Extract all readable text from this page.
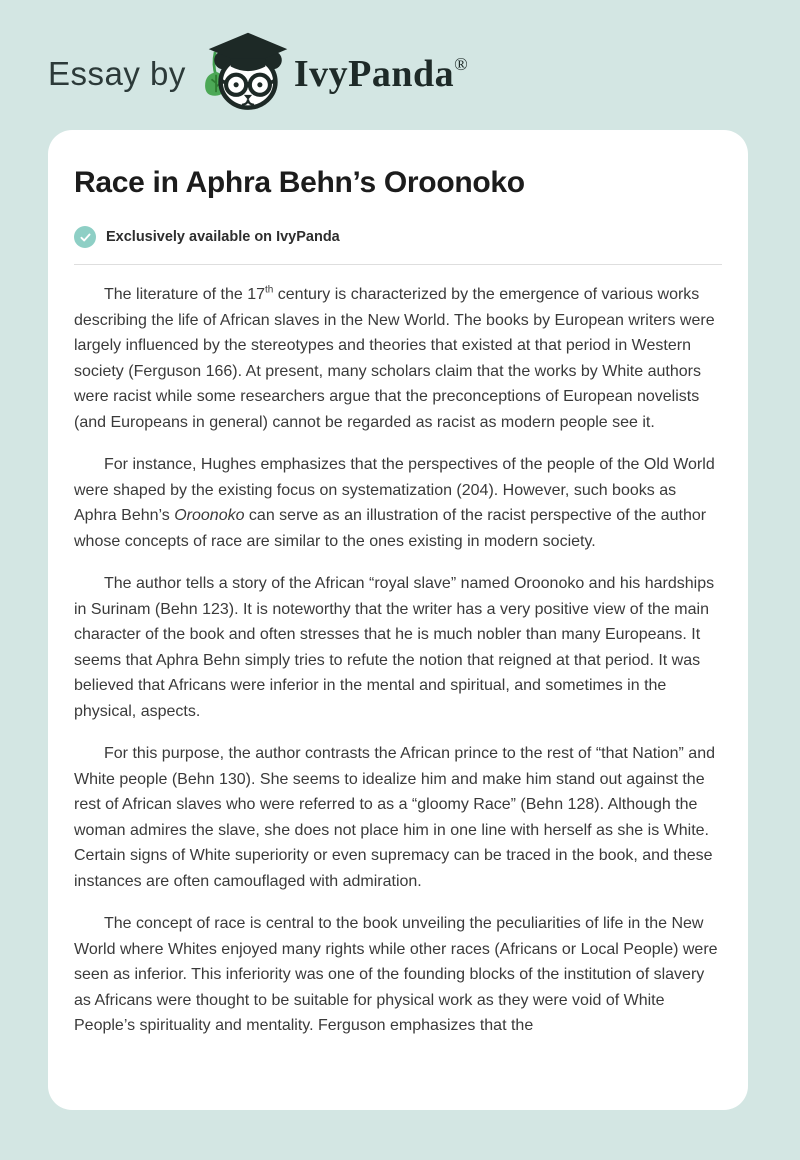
Essay by	IvyPanda®
Race in Aphra Behn’s Oroonoko
Exclusively available on IvyPanda

The literature of the 17th century is characterized by the emergence of various works describing the life of African slaves in the New World. The books by European writers were largely influenced by the stereotypes and theories that existed at that period in Western society (Ferguson 166). At present, many scholars claim that the works by White authors were racist while some researchers argue that the preconceptions of European novelists (and Europeans in general) cannot be regarded as racist as modern people see it.

For instance, Hughes emphasizes that the perspectives of the people of the Old World were shaped by the existing focus on systematization (204). However, such books as Aphra Behn’s Oroonoko can serve as an illustration of the racist perspective of the author whose concepts of race are similar to the ones existing in modern society.

The author tells a story of the African “royal slave” named Oroonoko and his hardships in Surinam (Behn 123). It is noteworthy that the writer has a very positive view of the main character of the book and often stresses that he is much nobler than many Europeans. It seems that Aphra Behn simply tries to refute the notion that reigned at that period. It was believed that Africans were inferior in the mental and spiritual, and sometimes in the physical, aspects.

For this purpose, the author contrasts the African prince to the rest of “that Nation” and White people (Behn 130). She seems to idealize him and make him stand out against the rest of African slaves who were referred to as a “gloomy Race” (Behn 128). Although the woman admires the slave, she does not place him in one line with herself as she is White. Certain signs of White superiority or even supremacy can be traced in the book, and these instances are often camouflaged with admiration.

The concept of race is central to the book unveiling the peculiarities of life in the New World where Whites enjoyed many rights while other races (Africans or Local People) were seen as inferior. This inferiority was one of the founding blocks of the institution of slavery as Africans were thought to be suitable for physical work as they were void of White People’s spirituality and mentality. Ferguson emphasizes that the
